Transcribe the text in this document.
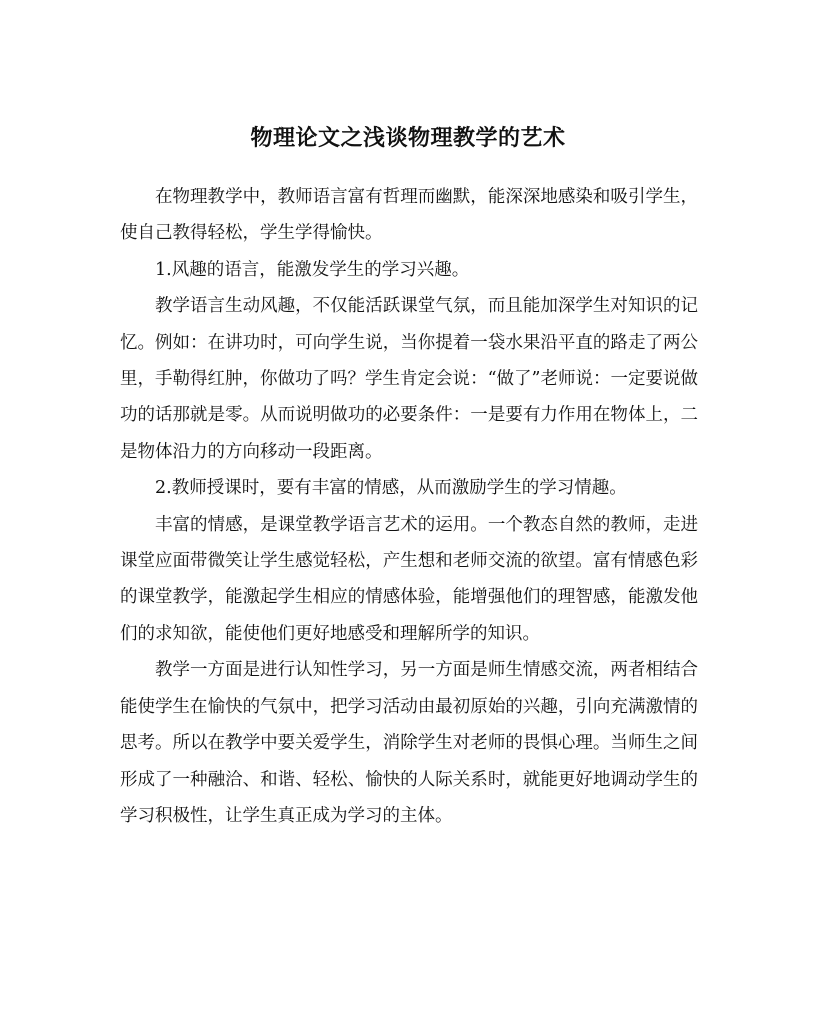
物理论文之浅谈物理教学的艺术

在物理教学中，教师语言富有哲理而幽默，能深深地感染和吸引学生，使自己教得轻松，学生学得愉快。

1.风趣的语言，能激发学生的学习兴趣。

教学语言生动风趣，不仅能活跃课堂气氛，而且能加深学生对知识的记忆。例如：在讲功时，可向学生说，当你提着一袋水果沿平直的路走了两公里，手勒得红肿，你做功了吗？学生肯定会说：“做了”老师说：一定要说做功的话那就是零。从而说明做功的必要条件：一是要有力作用在物体上，二是物体沿力的方向移动一段距离。

2.教师授课时，要有丰富的情感，从而激励学生的学习情趣。

丰富的情感，是课堂教学语言艺术的运用。一个教态自然的教师，走进课堂应面带微笑让学生感觉轻松，产生想和老师交流的欲望。富有情感色彩的课堂教学，能激起学生相应的情感体验，能增强他们的理智感，能激发他们的求知欲，能使他们更好地感受和理解所学的知识。

教学一方面是进行认知性学习，另一方面是师生情感交流，两者相结合能使学生在愉快的气氛中，把学习活动由最初原始的兴趣，引向充满激情的思考。所以在教学中要关爱学生，消除学生对老师的畏惧心理。当师生之间形成了一种融洽、和谐、轻松、愉快的人际关系时，就能更好地调动学生的学习积极性，让学生真正成为学习的主体。
